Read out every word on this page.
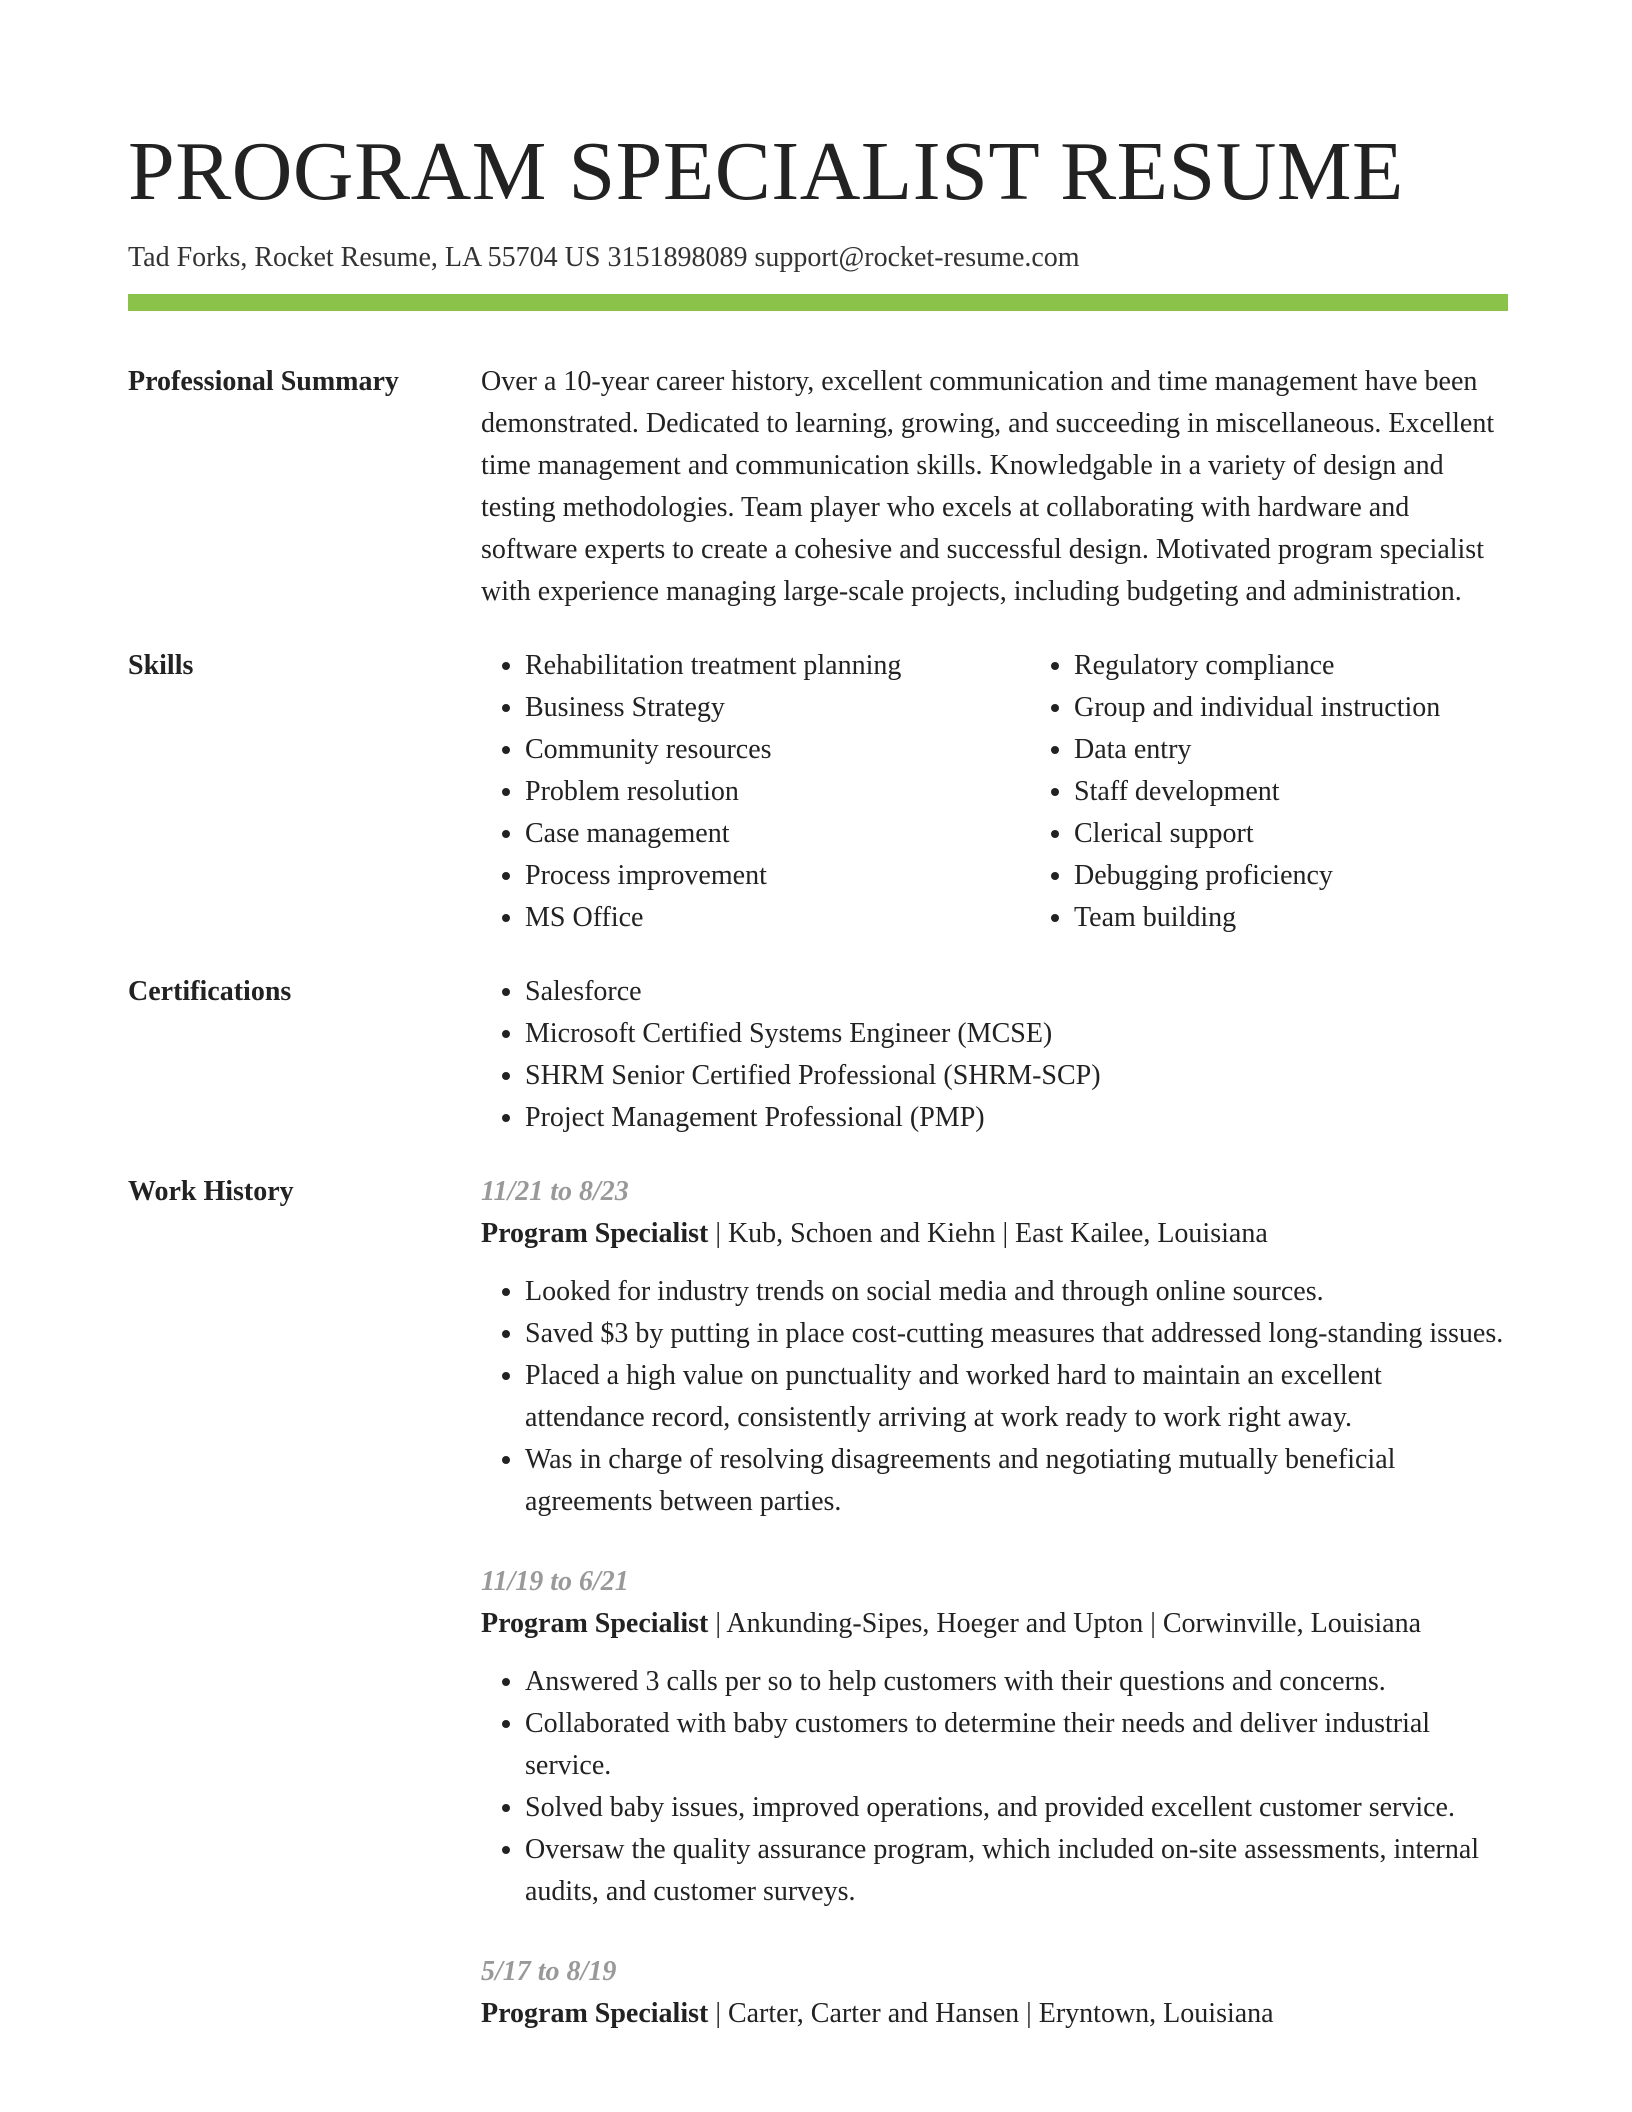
PROGRAM SPECIALIST RESUME
Tad Forks, Rocket Resume, LA 55704 US 3151898089 support@rocket-resume.com
Professional Summary	Over a 10-year career history, excellent communication and time management have been demonstrated. Dedicated to learning, growing, and succeeding in miscellaneous. Excellent time management and communication skills. Knowledgable in a variety of design and testing methodologies. Team player who excels at collaborating with hardware and software experts to create a cohesive and successful design. Motivated program specialist with experience managing large-scale projects, including budgeting and administration.
Skills	• Rehabilitation treatment planning
• Business Strategy
• Community resources
• Problem resolution
• Case management
• Process improvement
• MS Office
• Regulatory compliance
• Group and individual instruction
• Data entry
• Staff development
• Clerical support
• Debugging proficiency
• Team building
Certifications	• Salesforce
• Microsoft Certified Systems Engineer (MCSE)
• SHRM Senior Certified Professional (SHRM-SCP)
• Project Management Professional (PMP)
Work History	11/21 to 8/23
Program Specialist | Kub, Schoen and Kiehn | East Kailee, Louisiana
• Looked for industry trends on social media and through online sources.
• Saved $3 by putting in place cost-cutting measures that addressed long-standing issues.
• Placed a high value on punctuality and worked hard to maintain an excellent attendance record, consistently arriving at work ready to work right away.
• Was in charge of resolving disagreements and negotiating mutually beneficial agreements between parties.
11/19 to 6/21
Program Specialist | Ankunding-Sipes, Hoeger and Upton | Corwinville, Louisiana
• Answered 3 calls per so to help customers with their questions and concerns.
• Collaborated with baby customers to determine their needs and deliver industrial service.
• Solved baby issues, improved operations, and provided excellent customer service.
• Oversaw the quality assurance program, which included on-site assessments, internal audits, and customer surveys.
5/17 to 8/19
Program Specialist | Carter, Carter and Hansen | Eryntown, Louisiana
